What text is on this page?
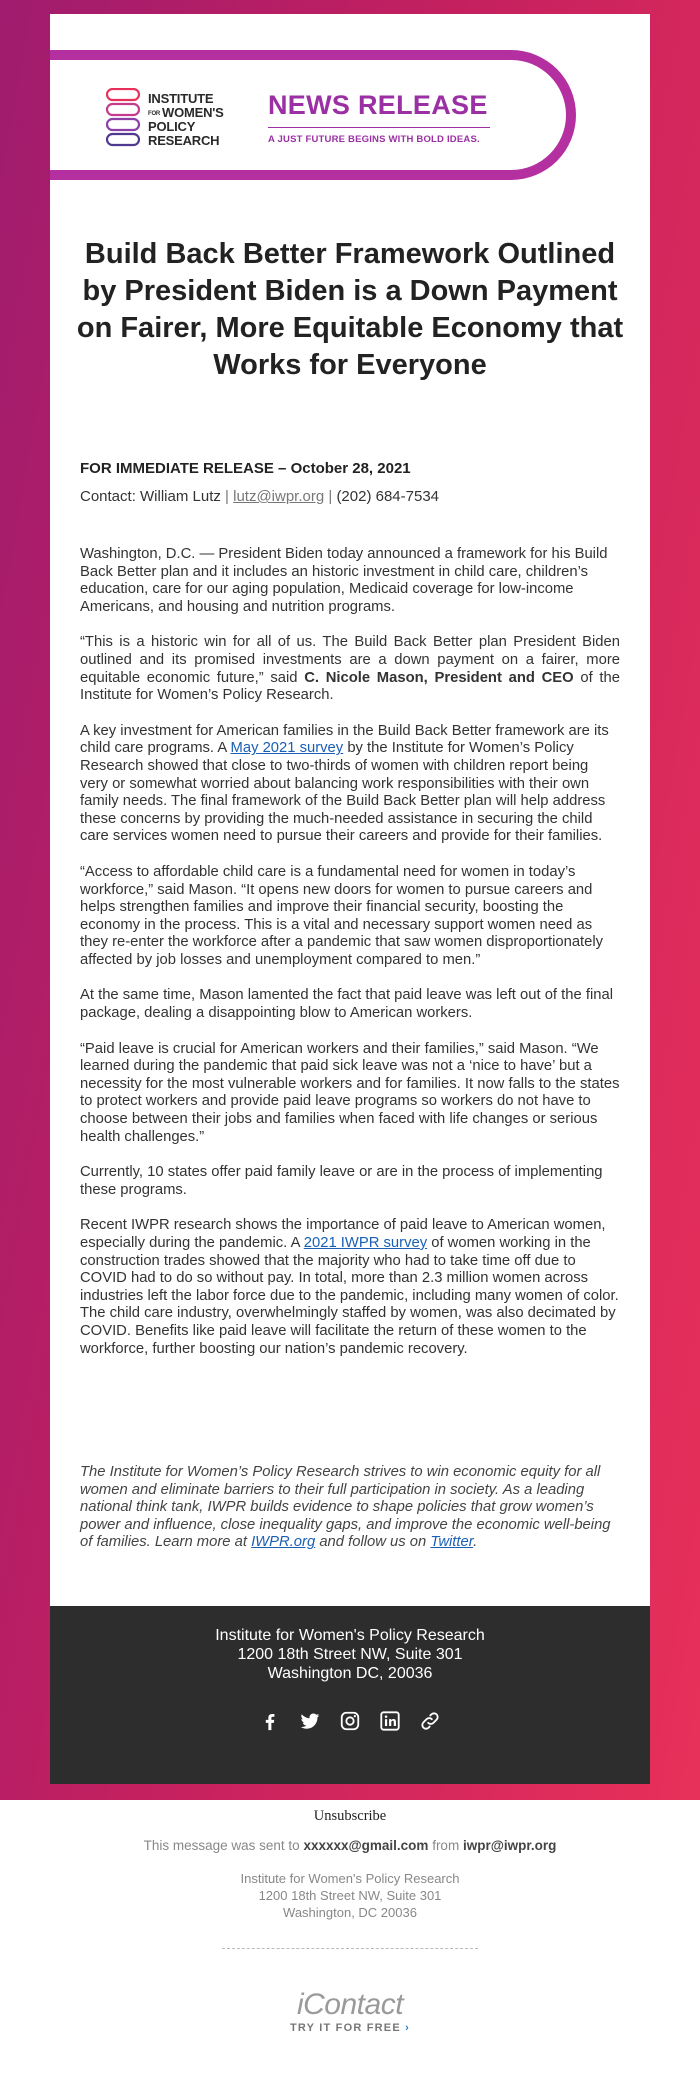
INSTITUTE
FOR WOMEN'S
POLICY
RESEARCH
NEWS RELEASE
A JUST FUTURE BEGINS WITH BOLD IDEAS.
Build Back Better Framework Outlined by President Biden is a Down Payment on Fairer, More Equitable Economy that Works for Everyone
FOR IMMEDIATE RELEASE – October 28, 2021
Contact: William Lutz | lutz@iwpr.org | (202) 684-7534

Washington, D.C. — President Biden today announced a framework for his Build Back Better plan and it includes an historic investment in child care, children’s education, care for our aging population, Medicaid coverage for low-income Americans, and housing and nutrition programs.

“This is a historic win for all of us. The Build Back Better plan President Biden outlined and its promised investments are a down payment on a fairer, more equitable economic future,” said C. Nicole Mason, President and CEO of the Institute for Women’s Policy Research.

A key investment for American families in the Build Back Better framework are its child care programs. A May 2021 survey by the Institute for Women’s Policy Research showed that close to two-thirds of women with children report being very or somewhat worried about balancing work responsibilities with their own family needs. The final framework of the Build Back Better plan will help address these concerns by providing the much-needed assistance in securing the child care services women need to pursue their careers and provide for their families.

“Access to affordable child care is a fundamental need for women in today’s workforce,” said Mason. “It opens new doors for women to pursue careers and helps strengthen families and improve their financial security, boosting the economy in the process. This is a vital and necessary support women need as they re-enter the workforce after a pandemic that saw women disproportionately affected by job losses and unemployment compared to men.”

At the same time, Mason lamented the fact that paid leave was left out of the final package, dealing a disappointing blow to American workers.

“Paid leave is crucial for American workers and their families,” said Mason. “We learned during the pandemic that paid sick leave was not a ‘nice to have’ but a necessity for the most vulnerable workers and for families. It now falls to the states to protect workers and provide paid leave programs so workers do not have to choose between their jobs and families when faced with life changes or serious health challenges.”

Currently, 10 states offer paid family leave or are in the process of implementing these programs.

Recent IWPR research shows the importance of paid leave to American women, especially during the pandemic. A 2021 IWPR survey of women working in the construction trades showed that the majority who had to take time off due to COVID had to do so without pay. In total, more than 2.3 million women across industries left the labor force due to the pandemic, including many women of color. The child care industry, overwhelmingly staffed by women, was also decimated by COVID. Benefits like paid leave will facilitate the return of these women to the workforce, further boosting our nation’s pandemic recovery.

The Institute for Women’s Policy Research strives to win economic equity for all women and eliminate barriers to their full participation in society. As a leading national think tank, IWPR builds evidence to shape policies that grow women’s power and influence, close inequality gaps, and improve the economic well-being of families. Learn more at IWPR.org and follow us on Twitter.
Institute for Women's Policy Research
1200 18th Street NW, Suite 301
Washington DC, 20036
Unsubscribe
This message was sent to xxxxxx@gmail.com from iwpr@iwpr.org
Institute for Women's Policy Research
1200 18th Street NW, Suite 301
Washington, DC 20036
iContact
TRY IT FOR FREE ›
